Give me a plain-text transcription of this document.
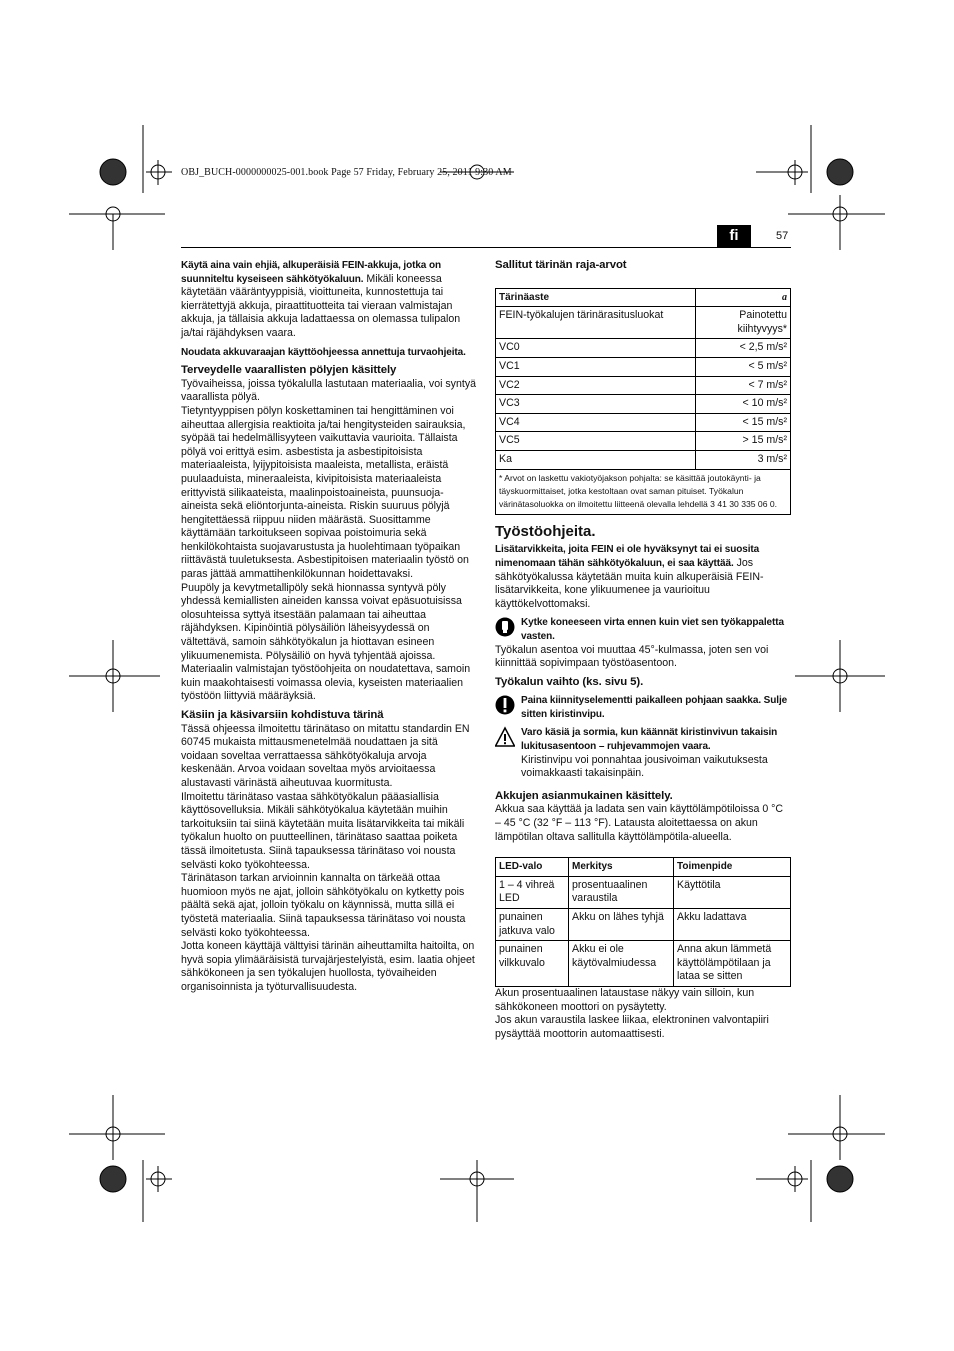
OBJ_BUCH-0000000025-001.book Page 57 Friday, February 25, 2011 9:30 AM
fi	57

Käytä aina vain ehjiä, alkuperäisiä FEIN-akkuja, jotka on suunniteltu kyseiseen sähkötyökaluun. Mikäli koneessa käytetään vääräntyyppisiä, vioittuneita, kunnostettuja tai kierrätettyjä akkuja, piraattituotteita tai vieraan valmistajan akkuja, ja tällaisia akkuja ladattaessa on olemassa tulipalon ja/tai räjähdyksen vaara.

Noudata akkuvaraajan käyttöohjeessa annettuja turvaohjeita.

Terveydelle vaarallisten pölyjen käsittely

Työvaiheissa, joissa työkalulla lastutaan materiaalia, voi syntyä vaarallista pölyä.

Tietyntyyppisen pölyn koskettaminen tai hengittäminen voi aiheuttaa allergisia reaktioita ja/tai hengitysteiden sairauksia, syöpää tai hedelmällisyyteen vaikuttavia vaurioita. Tällaista pölyä voi erittyä esim. asbestista ja asbestipitoisista materiaaleista, lyijypitoisista maaleista, metallista, eräistä puulaaduista, mineraaleista, kivipitoisista materiaaleista erittyvistä silikaateista, maalinpoistoaineista, puunsuoja-aineista sekä eliöntorjunta-aineista. Riskin suuruus pölyjä hengitettäessä riippuu niiden määrästä. Suosittamme käyttämään tarkoitukseen sopivaa poistoimuria sekä henkilökohtaista suojavarustusta ja huolehtimaan työpaikan riittävästä tuuletuksesta. Asbestipitoisen materiaalin työstö on paras jättää ammattihenkilökunnan hoidettavaksi.

Puupöly ja kevytmetallipöly sekä hionnassa syntyvä pöly yhdessä kemiallisten aineiden kanssa voivat epäsuotuisissa olosuhteissa syttyä itsestään palamaan tai aiheuttaa räjähdyksen. Kipinöintiä pölysäiliön läheisyydessä on vältettävä, samoin sähkötyökalun ja hiottavan esineen ylikuumenemista. Pölysäiliö on hyvä tyhjentää ajoissa. Materiaalin valmistajan työstöohjeita on noudatettava, samoin kuin maakohtaisesti voimassa olevia, kyseisten materiaalien työstöön liittyviä määräyksiä.

Käsiin ja käsivarsiin kohdistuva tärinä

Tässä ohjeessa ilmoitettu tärinätaso on mitattu standardin EN 60745 mukaista mittausmenetelmää noudattaen ja sitä voidaan soveltaa verrattaessa sähkötyökaluja arvoja keskenään. Arvoa voidaan soveltaa myös arvioitaessa alustavasti värinästä aiheutuvaa kuormitusta.

Ilmoitettu tärinätaso vastaa sähkötyökalun pääasiallisia käyttösovelluksia. Mikäli sähkötyökalua käytetään muihin tarkoituksiin tai siinä käytetään muita lisätarvikkeita tai mikäli työkalun huolto on puutteellinen, tärinätaso saattaa poiketa tässä ilmoitetusta. Siinä tapauksessa tärinätaso voi nousta selvästi koko työkohteessa.

Tärinätason tarkan arvioinnin kannalta on tärkeää ottaa huomioon myös ne ajat, jolloin sähkötyökalu on kytketty pois päältä sekä ajat, jolloin työkalu on käynnissä, mutta sillä ei työstetä materiaalia. Siinä tapauksessa tärinätaso voi nousta selvästi koko työkohteessa.

Jotta koneen käyttäjä välttyisi tärinän aiheuttamilta haitoilta, on hyvä sopia ylimääräisistä turvajärjestelyistä, esim. laatia ohjeet sähkökoneen ja sen työkalujen huollosta, työvaiheiden organisoinnista ja työturvallisuudesta.

Sallitut tärinän raja-arvot
Tärinäaste	a
FEIN-työkalujen tärinärasitusluokat	Painotettu kiihtyvyys*
VC0	< 2,5 m/s²
VC1	< 5 m/s²
VC2	< 7 m/s²
VC3	< 10 m/s²
VC4	< 15 m/s²
VC5	> 15 m/s²
Ka	3 m/s²
* Arvot on laskettu vakiotyöjakson pohjalta: se käsittää joutokäynti- ja täyskuormittaiset, jotka kestoltaan ovat saman pituiset. Työkalun värinätasoluokka on ilmoitettu liitteenä olevalla lehdellä 3 41 30 335 06 0.	
Työstöohjeita.

Lisätarvikkeita, joita FEIN ei ole hyväksynyt tai ei suosita nimenomaan tähän sähkötyökaluun, ei saa käyttää. Jos sähkötyökalussa käytetään muita kuin alkuperäisiä FEIN-lisätarvikkeita, kone ylikuumenee ja vaurioituu käyttökelvottomaksi.

Kytke koneeseen virta ennen kuin viet sen työkappaletta vasten.

Työkalun asentoa voi muuttaa 45°-kulmassa, joten sen voi kiinnittää sopivimpaan työstöasentoon.

Työkalun vaihto (ks. sivu 5).

Paina kiinnityselementti paikalleen pohjaan saakka. Sulje sitten kiristinvipu.

Varo käsiä ja sormia, kun käännät kiristinvivun takaisin lukitusasentoon – ruhjevammojen vaara.

Kiristinvipu voi ponnahtaa jousivoiman vaikutuksesta voimakkaasti takaisinpäin.

Akkujen asianmukainen käsittely.

Akkua saa käyttää ja ladata sen vain käyttölämpötiloissa 0 °C – 45 °C (32 °F – 113 °F). Lataustа aloitettaessa on akun lämpötilan oltava sallitulla käyttölämpötila-alueella.

LED-valo	Merkitys	Toimenpide
1 – 4 vihreä LED	prosentuaalinen varaustila	Käyttötila
punainen jatkuva valo	Akku on lähes tyhjä	Akku ladattava
punainen vilkkuvalo	Akku ei ole käytövalmiudessa	Anna akun lämmetä käyttölämpötilaan ja lataa se sitten

Akun prosentuaalinen lataustase näkyy vain silloin, kun sähkökoneen moottori on pysäytetty.

Jos akun varaustila laskee liikaa, elektroninen valvontapiiri pysäyttää moottorin automaattisesti.
